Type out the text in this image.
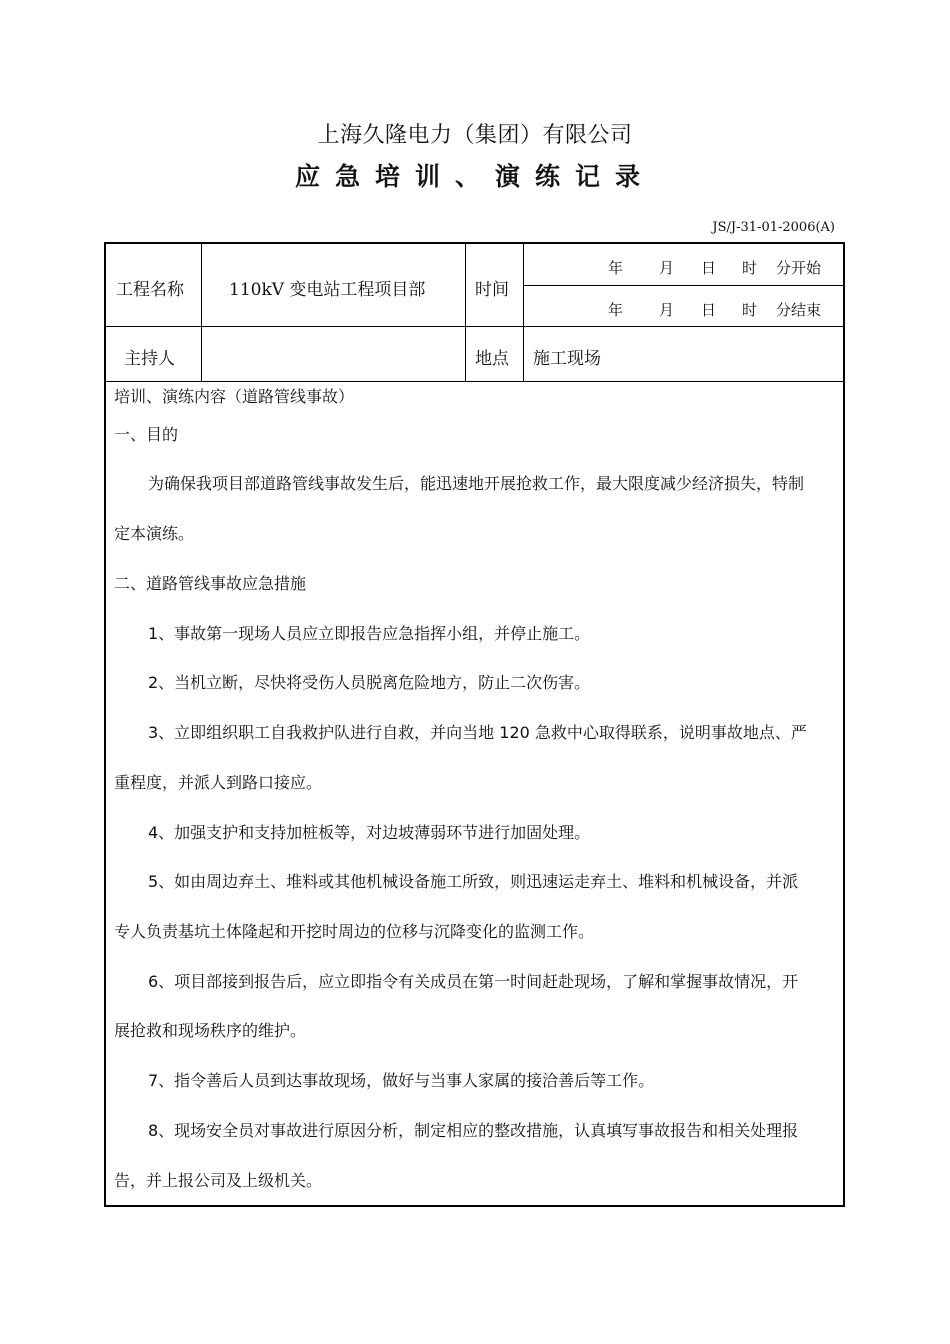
上海久隆电力（集团）有限公司
应急培训、演练记录
JS/J-31-01-2006(A)
工程名称	110kV 变电站工程项目部	时间
年 月 日 时 分开始
年 月 日 时 分结束
主持人	地点 施工现场
培训、演练内容（道路管线事故）
一、目的
为确保我项目部道路管线事故发生后，能迅速地开展抢救工作，最大限度减少经济损失，特制
定本演练。
二、道路管线事故应急措施
1、事故第一现场人员应立即报告应急指挥小组，并停止施工。
2、当机立断，尽快将受伤人员脱离危险地方，防止二次伤害。
3、立即组织职工自我救护队进行自救，并向当地 120 急救中心取得联系，说明事故地点、严
重程度，并派人到路口接应。
4、加强支护和支持加桩板等，对边坡薄弱环节进行加固处理。
5、如由周边弃土、堆料或其他机械设备施工所致，则迅速运走弃土、堆料和机械设备，并派
专人负责基坑土体隆起和开挖时周边的位移与沉降变化的监测工作。
6、项目部接到报告后，应立即指令有关成员在第一时间赶赴现场，了解和掌握事故情况，开
展抢救和现场秩序的维护。
7、指令善后人员到达事故现场，做好与当事人家属的接洽善后等工作。
8、现场安全员对事故进行原因分析，制定相应的整改措施，认真填写事故报告和相关处理报
告，并上报公司及上级机关。
